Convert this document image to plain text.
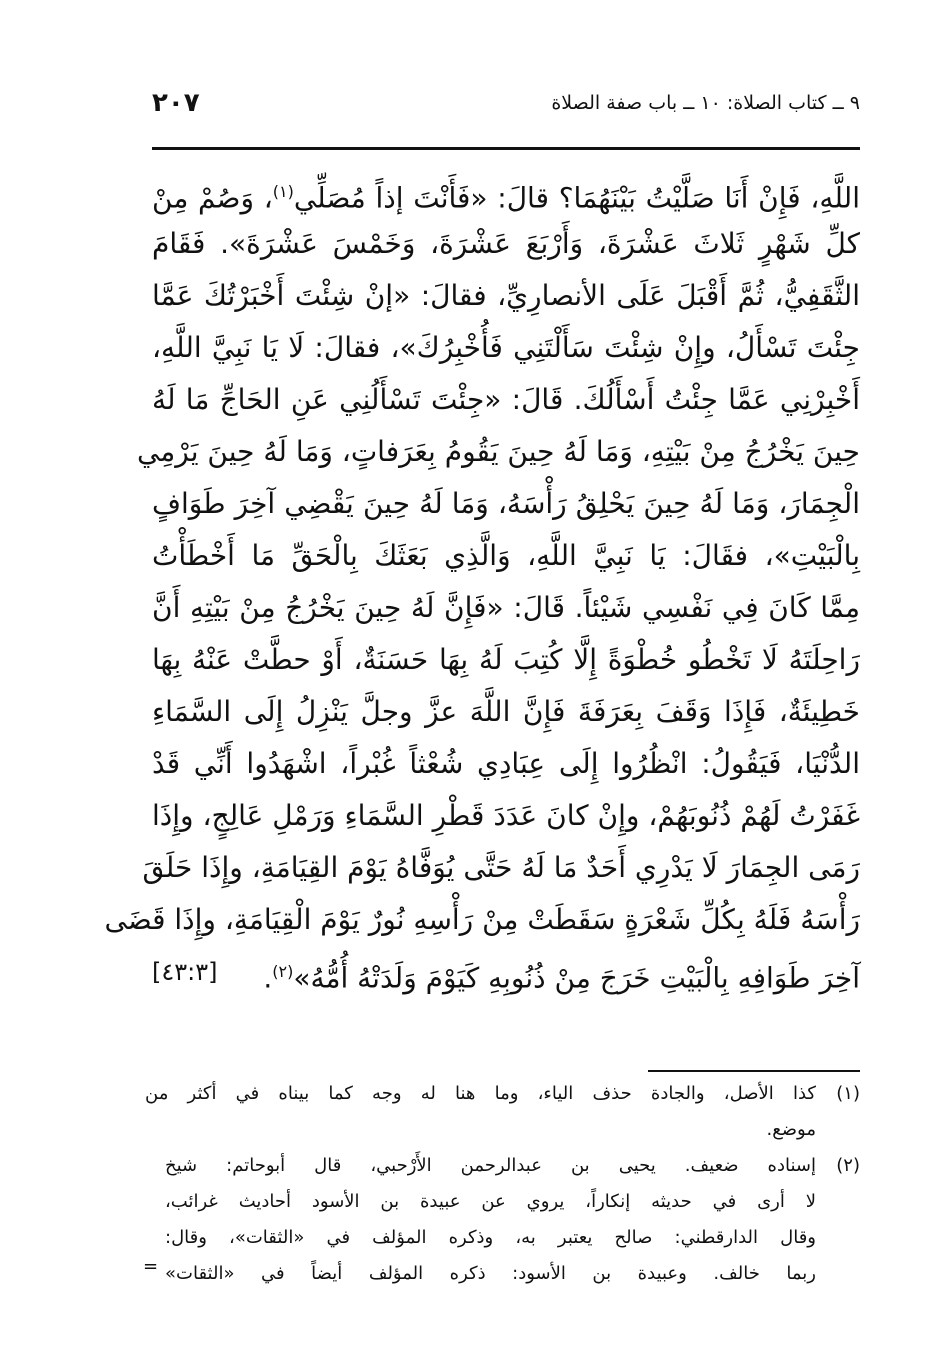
٩ ــ كتاب الصلاة: ١٠ ــ باب صفة الصلاة
٢٠٧
اللَّهِ، فَإِنْ أَنَا صَلَّيْتُ بَيْنَهُمَا؟ قالَ: «فَأَنْتَ إذاً مُصَلِّي$^{(١)}$، وَصُمْ مِنْ
كلِّ شَهْرٍ ثَلاثَ عَشْرَةَ، وَأَرْبَعَ عَشْرَةَ، وَخَمْسَ عَشْرَةَ». فَقَامَ
الثَّقَفِيُّ، ثُمَّ أَقْبَلَ عَلَى الأنصارِيِّ، فقالَ: «إنْ شِئْتَ أَخْبَرْتُكَ عَمَّا
جِئْتَ تَسْأَلُ، وإِنْ شِئْتَ سَأَلْتَنِي فَأُخْبِرُكَ»، فقالَ: لَا يَا نَبِيَّ اللَّهِ،
أَخْبِرْنِي عَمَّا جِئْتُ أَسْأَلُكَ. قَالَ: «جِئْتَ تَسْأَلُنِي عَنِ الحَاجِّ مَا لَهُ
حِينَ يَخْرُجُ مِنْ بَيْتِهِ، وَمَا لَهُ حِينَ يَقُومُ بِعَرَفاتٍ، وَمَا لَهُ حِينَ يَرْمِي
الْجِمَارَ، وَمَا لَهُ حِينَ يَحْلِقُ رَأْسَهُ، وَمَا لَهُ حِينَ يَقْضِي آخِرَ طَوَافٍ
بِالْبَيْتِ»، فقَالَ: يَا نَبِيَّ اللَّهِ، وَالَّذِي بَعَثَكَ بِالْحَقِّ مَا أَخْطَأْتُ
مِمَّا كَانَ فِي نَفْسِي شَيْئاً. قَالَ: «فَإِنَّ لَهُ حِينَ يَخْرُجُ مِنْ بَيْتِهِ أَنَّ
رَاحِلَتَهُ لَا تَخْطُو خُطْوَةً إِلَّا كُتِبَ لَهُ بِهَا حَسَنَةٌ، أَوْ حطَّتْ عَنْهُ بِهَا
خَطِيئَةٌ، فَإِذَا وَقَفَ بِعَرَفَةَ فَإِنَّ اللَّهَ عزَّ وجلَّ يَنْزِلُ إِلَى السَّمَاءِ
الدُّنْيَا، فَيَقُولُ: انْظُرُوا إِلَى عِبَادِي شُعْثاً غُبْراً، اشْهَدُوا أَنِّي قَدْ
غَفَرْتُ لَهُمْ ذُنُوبَهُمْ، وإِنْ كانَ عَدَدَ قَطْرِ السَّمَاءِ وَرَمْلِ عَالِجٍ، وإِذَا
رَمَى الجِمَارَ لَا يَدْرِي أَحَدٌ مَا لَهُ حَتَّى يُوَفَّاهُ يَوْمَ القِيَامَةِ، وإِذَا حَلَقَ
رَأْسَهُ فَلَهُ بِكُلِّ شَعْرَةٍ سَقَطَتْ مِنْ رَأْسِهِ نُورٌ يَوْمَ الْقِيَامَةِ، وإِذَا قَضَى
آخِرَ طَوَافِهِ بِالْبَيْتِ خَرَجَ مِنْ ذُنُوبِهِ كَيَوْمَ وَلَدَتْهُ أُمُّهُ»$^{(٢)}$.
[٤٣:٣]
(١)
كذا الأصل، والجادة حذف الياء، وما هنا له وجه كما بيناه في أكثر من
موضع.
(٢)
إسناده ضعيف. يحيى بن عبدالرحمن الأَرْحبي، قال أبوحاتم: شيخ
لا أرى في حديثه إنكاراً، يروي عن عبيدة بن الأسود أحاديث غرائب،
وقال الدارقطني: صالح يعتبر به، وذكره المؤلف في «الثقات»، وقال:
ربما خالف. وعبيدة بن الأسود: ذكره المؤلف أيضاً في «الثقات»
=
